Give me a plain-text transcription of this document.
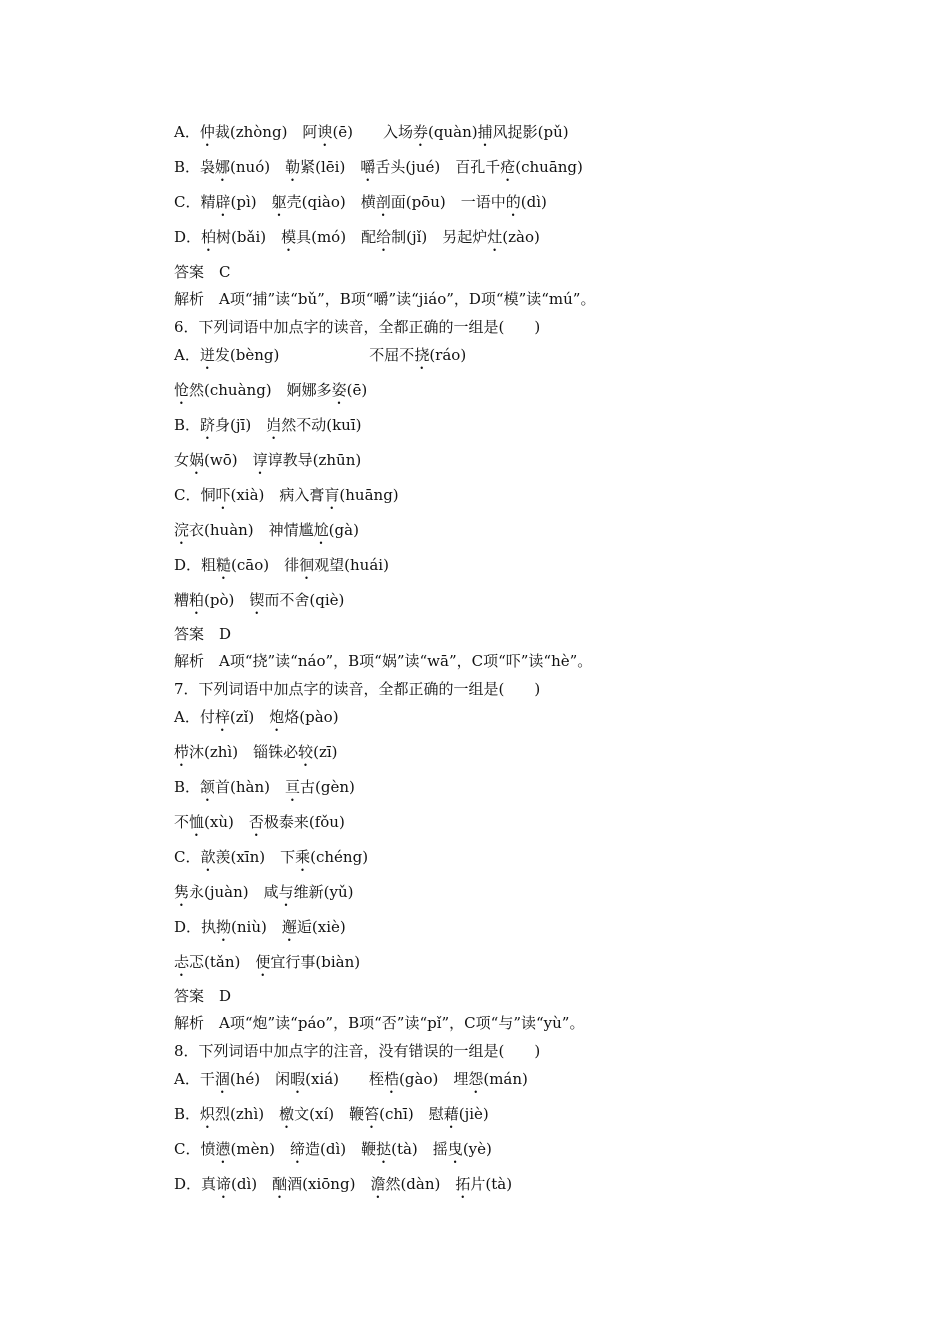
A．仲裁(zhòng)　阿谀(ē)　　入场券(quàn)捕风捉影(pǔ)
B．袅娜(nuó)　勒紧(lēi)　嚼舌头(jué)　百孔千疮(chuāng)
C．精辟(pì)　躯壳(qiào)　横剖面(pōu)　一语中的(dì)
D．柏树(bǎi)　模具(mó)　配给制(jǐ)　另起炉灶(zào)
答案　C
解析　A项“捕”读“bǔ”，B项“嚼”读“jiáo”，D项“模”读“mú”。
6．下列词语中加点字的读音，全都正确的一组是(　　)
A．迸发(bèng)　　　　　　不屈不挠(ráo)
怆然(chuàng)　婀娜多姿(ē)
B．跻身(jī)　岿然不动(kuī)
女娲(wō)　谆谆教导(zhūn)
C．恫吓(xià)　病入膏肓(huāng)
浣衣(huàn)　神情尴尬(gà)
D．粗糙(cāo)　徘徊观望(huái)
糟粕(pò)　锲而不舍(qiè)
答案　D
解析　A项“挠”读“náo”，B项“娲”读“wā”，C项“吓”读“hè”。
7．下列词语中加点字的读音，全都正确的一组是(　　)
A．付梓(zǐ)　炮烙(pào)
栉沐(zhì)　锱铢必较(zī)
B．颔首(hàn)　亘古(gèn)
不恤(xù)　否极泰来(fǒu)
C．歆羡(xīn)　下乘(chéng)
隽永(juàn)　咸与维新(yǔ)
D．执拗(niù)　邂逅(xiè)
忐忑(tǎn)　便宜行事(biàn)
答案　D
解析　A项“炮”读“páo”，B项“否”读“pǐ”，C项“与”读“yù”。
8．下列词语中加点字的注音，没有错误的一组是(　　)
A．干涸(hé)　闲暇(xiá)　　桎梏(gào)　埋怨(mán)
B．炽烈(zhì)　檄文(xí)　鞭笞(chī)　慰藉(jiè)
C．愤懑(mèn)　缔造(dì)　鞭挞(tà)　摇曳(yè)
D．真谛(dì)　酗酒(xiōng)　澹然(dàn)　拓片(tà)
